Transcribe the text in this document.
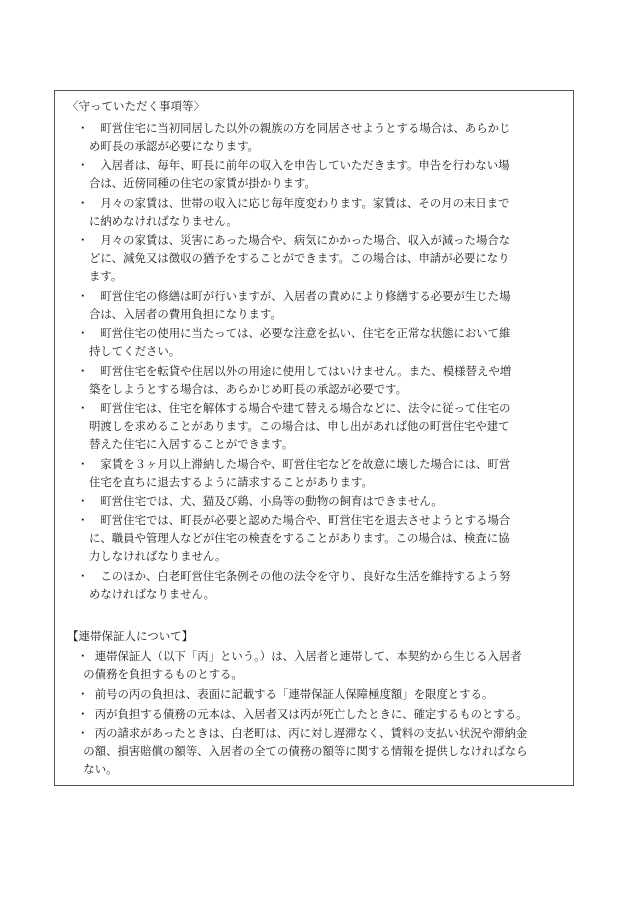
〈守っていただく事項等〉
・	町営住宅に当初同居した以外の親族の方を同居させようとする場合は、あらかじ
め町長の承認が必要になります。
・	入居者は、毎年、町長に前年の収入を申告していただきます。申告を行わない場
合は、近傍同種の住宅の家賃が掛かります。
・	月々の家賃は、世帯の収入に応じ毎年度変わります。家賃は、その月の末日まで
に納めなければなりません。
・	月々の家賃は、災害にあった場合や、病気にかかった場合、収入が減った場合な
どに、減免又は徴収の猶予をすることができます。この場合は、申請が必要になり
ます。
・	町営住宅の修繕は町が行いますが、入居者の責めにより修繕する必要が生じた場
合は、入居者の費用負担になります。
・	町営住宅の使用に当たっては、必要な注意を払い、住宅を正常な状態において維
持してください。
・	町営住宅を転貸や住居以外の用途に使用してはいけません。また、模様替えや増
築をしようとする場合は、あらかじめ町長の承認が必要です。
・	町営住宅は、住宅を解体する場合や建て替える場合などに、法令に従って住宅の
明渡しを求めることがあります。この場合は、申し出があれば他の町営住宅や建て
替えた住宅に入居することができます。
・	家賃を３ヶ月以上滞納した場合や、町営住宅などを故意に壊した場合には、町営
住宅を直ちに退去するように請求することがあります。
・	町営住宅では、犬、猫及び鶏、小鳥等の動物の飼育はできません。
・	町営住宅では、町長が必要と認めた場合や、町営住宅を退去させようとする場合
に、職員や管理人などが住宅の検査をすることがあります。この場合は、検査に協
力しなければなりません。
・	このほか、白老町営住宅条例その他の法令を守り、良好な生活を維持するよう努
めなければなりません。
【連帯保証人について】
・ 連帯保証人（以下「丙」という。）は、入居者と連帯して、本契約から生じる入居者
の債務を負担するものとする。
・ 前号の丙の負担は、表面に記載する「連帯保証人保障極度額」を限度とする。
・ 丙が負担する債務の元本は、入居者又は丙が死亡したときに、確定するものとする。
・ 丙の請求があったときは、白老町は、丙に対し遅滞なく、賃料の支払い状況や滞納金
の額、損害賠償の額等、入居者の全ての債務の額等に関する情報を提供しなければなら
ない。
